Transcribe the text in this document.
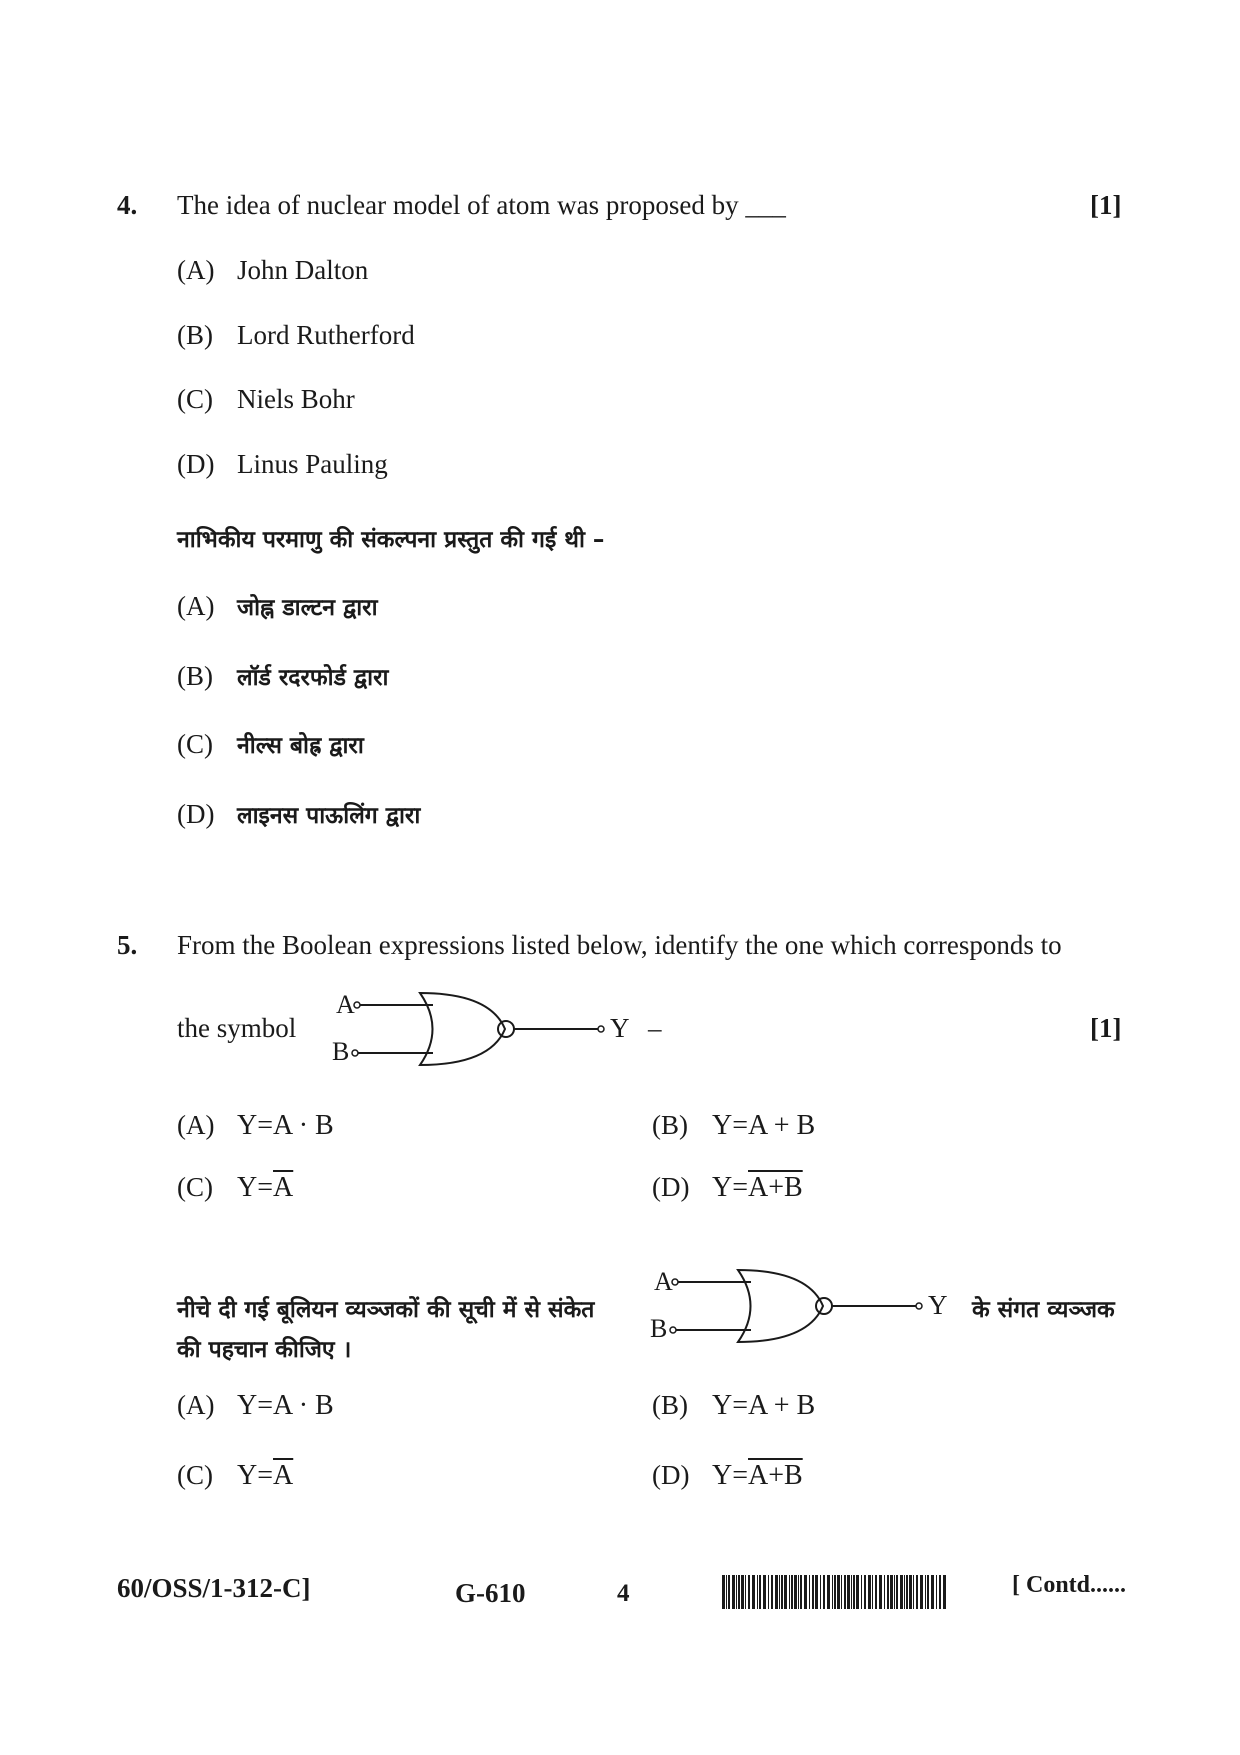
4. The idea of nuclear model of atom was proposed by ___	[1]
(A) John Dalton
(B) Lord Rutherford
(C) Niels Bohr
(D) Linus Pauling
नाभिकीय परमाणु की संकल्पना प्रस्तुत की गई थी –
(A) जोह्न डाल्टन द्वारा
(B) लॉर्ड रदरफोर्ड द्वारा
(C) नील्स बोह्र द्वारा
(D) लाइनस पाऊलिंग द्वारा
5. From the Boolean expressions listed below, identify the one which corresponds to
the symbol
A
B
Y –	[1]
(A) Y=A · B	(B) Y=A + B
(C) $Y=\overline{A}$	(D) Y=A+B
नीचे दी गई बूलियन व्यञ्जकों की सूची में से संकेत
की पहचान कीजिए ।
A
B
Y के संगत व्यञ्जक
(A) Y=A · B	(B) Y=A + B
(C) $Y=\overline{A}$	(D) Y=A+B
60/OSS/1-312-C]	G-610	4	[ Contd......
